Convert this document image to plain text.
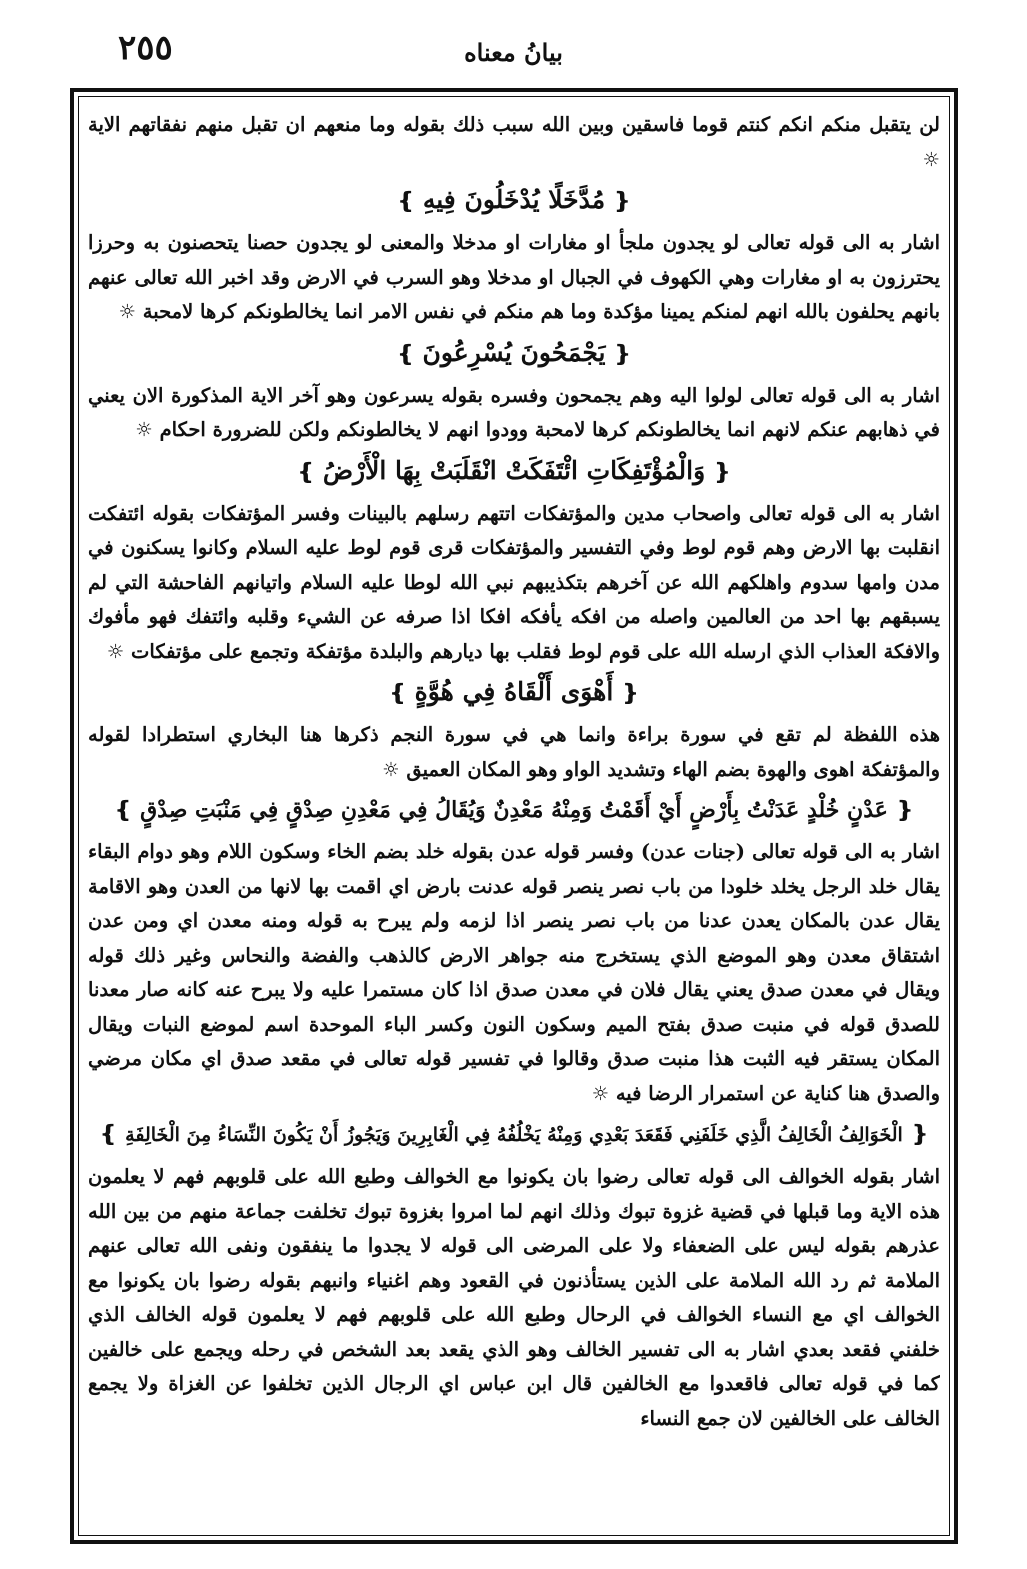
٢٥٥	بيانُ معناه

لن يتقبل منكم انكم كنتم قوما فاسقين وبين الله سبب ذلك بقوله وما منعهم ان تقبل منهم نفقاتهم الاية ☼

❴ مُدَّخَلًا يُدْخَلُونَ فِيهِ ❵

اشار به الى قوله تعالى لو يجدون ملجأ او مغارات او مدخلا والمعنى لو يجدون حصنا يتحصنون به وحرزا يحترزون به او مغارات وهي الكهوف في الجبال او مدخلا وهو السرب في الارض وقد اخبر الله تعالى عنهم بانهم يحلفون بالله انهم لمنكم يمينا مؤكدة وما هم منكم في نفس الامر انما يخالطونكم كرها لامحبة ☼

❴ يَجْمَحُونَ يُسْرِعُونَ ❵

اشار به الى قوله تعالى لولوا اليه وهم يجمحون وفسره بقوله يسرعون وهو آخر الاية المذكورة الان يعني في ذهابهم عنكم لانهم انما يخالطونكم كرها لامحبة وودوا انهم لا يخالطونكم ولكن للضرورة احكام ☼

❴ وَالْمُؤْتَفِكَاتِ ائْتَفَكَتْ انْقَلَبَتْ بِهَا الْأَرْضُ ❵

اشار به الى قوله تعالى واصحاب مدين والمؤتفكات اتتهم رسلهم بالبينات وفسر المؤتفكات بقوله ائتفكت انقلبت بها الارض وهم قوم لوط وفي التفسير والمؤتفكات قرى قوم لوط عليه السلام وكانوا يسكنون في مدن وامها سدوم واهلكهم الله عن آخرهم بتكذيبهم نبي الله لوطا عليه السلام واتيانهم الفاحشة التي لم يسبقهم بها احد من العالمين واصله من افكه يأفكه افكا اذا صرفه عن الشيء وقلبه وائتفك فهو مأفوك والافكة العذاب الذي ارسله الله على قوم لوط فقلب بها ديارهم والبلدة مؤتفكة وتجمع على مؤتفكات ☼

❴ أَهْوَى أَلْقَاهُ فِي هُوَّةٍ ❵

هذه اللفظة لم تقع في سورة براءة وانما هي في سورة النجم ذكرها هنا البخاري استطرادا لقوله والمؤتفكة اهوى والهوة بضم الهاء وتشديد الواو وهو المكان العميق ☼

❴ عَدْنٍ خُلْدٍ عَدَنْتُ بِأَرْضٍ أَيْ أَقَمْتُ وَمِنْهُ مَعْدِنٌ وَيُقَالُ فِي مَعْدِنِ صِدْقٍ فِي مَنْبَتِ صِدْقٍ ❵

اشار به الى قوله تعالى (جنات عدن) وفسر قوله عدن بقوله خلد بضم الخاء وسكون اللام وهو دوام البقاء يقال خلد الرجل يخلد خلودا من باب نصر ينصر قوله عدنت بارض اي اقمت بها لانها من العدن وهو الاقامة يقال عدن بالمكان يعدن عدنا من باب نصر ينصر اذا لزمه ولم يبرح به قوله ومنه معدن اي ومن عدن اشتقاق معدن وهو الموضع الذي يستخرج منه جواهر الارض كالذهب والفضة والنحاس وغير ذلك قوله ويقال في معدن صدق يعني يقال فلان في معدن صدق اذا كان مستمرا عليه ولا يبرح عنه كانه صار معدنا للصدق قوله في منبت صدق بفتح الميم وسكون النون وكسر الباء الموحدة اسم لموضع النبات ويقال المكان يستقر فيه الثبت هذا منبت صدق وقالوا في تفسير قوله تعالى في مقعد صدق اي مكان مرضي والصدق هنا كناية عن استمرار الرضا فيه ☼

❴ الْخَوَالِفُ الْخَالِفُ الَّذِي خَلَفَنِي فَقَعَدَ بَعْدِي وَمِنْهُ يَخْلُفُهُ فِي الْغَابِرِينَ وَيَجُوزُ أَنْ يَكُونَ النِّسَاءُ مِنَ الْخَالِفَةِ ❵

اشار بقوله الخوالف الى قوله تعالى رضوا بان يكونوا مع الخوالف وطبع الله على قلوبهم فهم لا يعلمون هذه الاية وما قبلها في قضية غزوة تبوك وذلك انهم لما امروا بغزوة تبوك تخلفت جماعة منهم من بين الله عذرهم بقوله ليس على الضعفاء ولا على المرضى الى قوله لا يجدوا ما ينفقون ونفى الله تعالى عنهم الملامة ثم رد الله الملامة على الذين يستأذنون في القعود وهم اغنياء وانبهم بقوله رضوا بان يكونوا مع الخوالف اي مع النساء الخوالف في الرحال وطبع الله على قلوبهم فهم لا يعلمون قوله الخالف الذي خلفني فقعد بعدي اشار به الى تفسير الخالف وهو الذي يقعد بعد الشخص في رحله ويجمع على خالفين كما في قوله تعالى فاقعدوا مع الخالفين قال ابن عباس اي الرجال الذين تخلفوا عن الغزاة ولا يجمع الخالف على الخالفين لان جمع النساء
